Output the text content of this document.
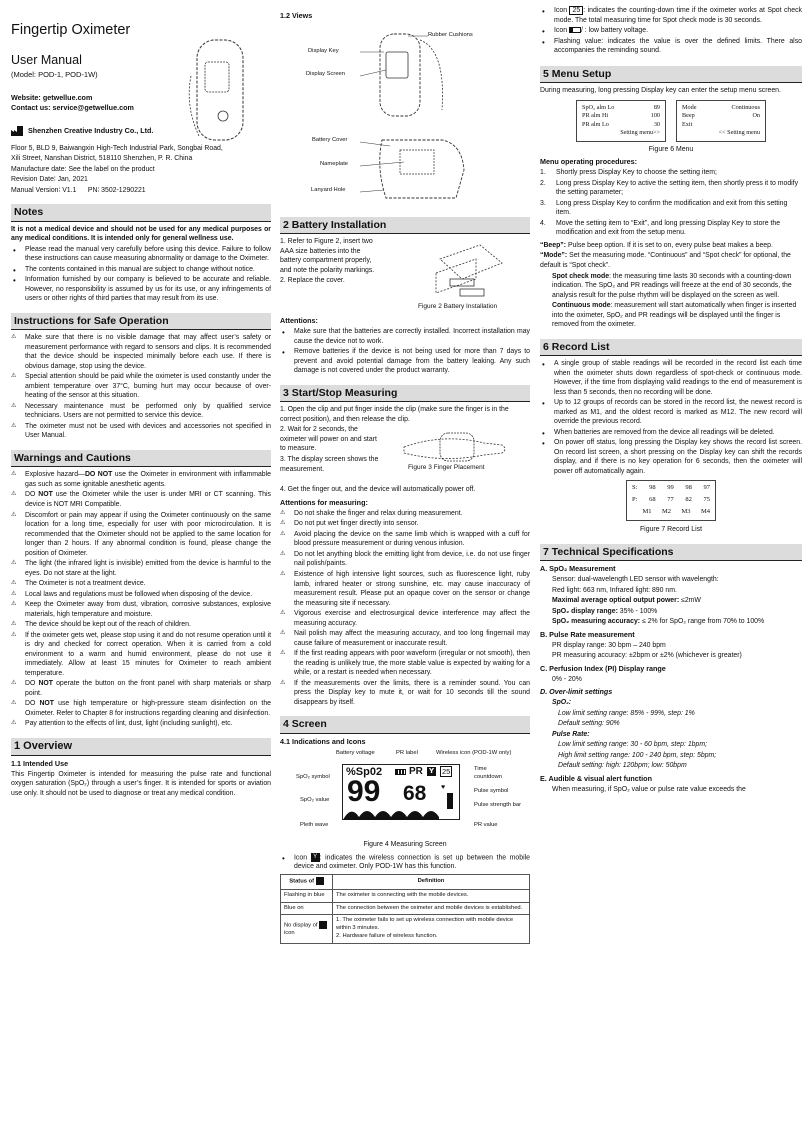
Fingertip Oximeter
User Manual
(Model: POD-1, POD-1W)
Website: getwellue.com
Contact us: service@getwellue.com
Shenzhen Creative Industry Co., Ltd.

Floor 5, BLD 9, Baiwangxin High-Tech Industrial Park, Songbai Road,

Xili Street, Nanshan District, 518110 Shenzhen, P. R. China

Manufacture date: See the label on the product

Revision Date∶ Jan, 2021

Manual Version∶ V1.1 PN∶ 3502-1290221

Notes

It is not a medical device and should not be used for any medical purposes or any medical conditions. It is intended only for general wellness use.

• Please read the manual very carefully before using this device. Failure to follow these instructions can cause measuring abnormality or damage to the Oximeter.
• The contents contained in this manual are subject to change without notice.
• Information furnished by our company is believed to be accurate and reliable. However, no responsibility is assumed by us for its use, or any infringements of users or other rights of third parties that may result from its use.
Instructions for Safe Operation
⚠ Make sure that there is no visible damage that may affect user’s safety or measurement performance with regard to sensors and clips. It is recommended that the device should be inspected minimally before each use. If there is obvious damage, stop using the device.
⚠ Special attention should be paid while the oximeter is used constantly under the ambient temperature over 37°C, burning hurt may occur because of over-heating of the sensor at this situation.
⚠ Necessary maintenance must be performed only by qualified service technicians. Users are not permitted to service this device.
⚠ The oximeter must not be used with devices and accessories not specified in User Manual.
Warnings and Cautions
⚠ Explosive hazard—DO NOT use the Oximeter in environment with inflammable gas such as some ignitable anesthetic agents.
⚠ DO NOT use the Oximeter while the user is under MRI or CT scanning. This device is NOT MRI Compatible.
⚠ Discomfort or pain may appear if using the Oximeter continuously on the same location for a long time, especially for user with poor microcirculation. It is recommended that the Oximeter should not be applied to the same location for longer than 2 hours. If any abnormal condition is found, please change the position of Oximeter.
⚠ The light (the infrared light is invisible) emitted from the device is harmful to the eyes. Do not stare at the light.
⚠ The Oximeter is not a treatment device.
⚠ Local laws and regulations must be followed when disposing of the device.
⚠ Keep the Oximeter away from dust, vibration, corrosive substances, explosive materials, high temperature and moisture.
⚠ The device should be kept out of the reach of children.
⚠ If the oximeter gets wet, please stop using it and do not resume operation until it is dry and checked for correct operation. When it is carried from a cold environment to a warm and humid environment, please do not use it immediately. Allow at least 15 minutes for Oximeter to reach ambient temperature.
⚠ DO NOT operate the button on the front panel with sharp materials or sharp point.
⚠ DO NOT use high temperature or high-pressure steam disinfection on the Oximeter. Refer to Chapter 8 for instructions regarding cleaning and disinfection.
⚠ Pay attention to the effects of lint, dust, light (including sunlight), etc.
1 Overview
1.1 Intended Use

This Fingertip Oximeter is intended for measuring the pulse rate and functional oxygen saturation (SpO₂) through a user’s finger. It is intended for sports or aviation use only. It should not be used to diagnose or treat any medical condition.

1.2 Views
Display Key
Rubber Cushions
Display Screen
Battery Cover
Nameplate
Lanyard Hole
2 Battery Installation

1. Refer to Figure 2, insert two AAA size batteries into the battery compartment properly, and note the polarity markings.

2. Replace the cover.

Figure 2 Battery Installation
Attentions:
• Make sure that the batteries are correctly installed. Incorrect installation may cause the device not to work.
• Remove batteries if the device is not being used for more than 7 days to prevent and avoid potential damage from the battery leaking. Any such damage is not covered under the product warranty.
3 Start/Stop Measuring

1. Open the clip and put finger inside the clip (make sure the finger is in the correct position), and then release the clip.

2. Wait for 2 seconds, the oximeter will power on and start to measure.

3. The display screen shows the measurement.	Figure 3 Finger Placement

4. Get the finger out, and the device will automatically power off.

Attentions for measuring:
⚠ Do not shake the finger and relax during measurement.
⚠ Do not put wet finger directly into sensor.
⚠ Avoid placing the device on the same limb which is wrapped with a cuff for blood pressure measurement or during venous infusion.
⚠ Do not let anything block the emitting light from device, i.e. do not use finger nail polish/paints.
⚠ Existence of high intensive light sources, such as fluorescence light, ruby lamb, infrared heater or strong sunshine, etc. may cause inaccuracy of measurement result. Please put an opaque cover on the sensor or change the measuring site if necessary.
⚠ Vigorous exercise and electrosurgical device interference may affect the measuring accuracy.
⚠ Nail polish may affect the measuring accuracy, and too long fingernail may cause failure of measurement or inaccurate result.
⚠ If the first reading appears with poor waveform (irregular or not smooth), then the reading is unlikely true, the more stable value is expected by waiting for a while, or a restart is needed when necessary.
⚠ If the measurements over the limits, there is a reminder sound. You can press the Display key to mute it, or wait for 10 seconds till the sound disappears by itself.
4 Screen
4.1 Indications and Icons
%Sp02	PR 𝗬 25
99 68 ♥
Battery voltage	PR label	Wireless icon (POD-1W only)
SpO₂ symbol
Time countdown
Pulse symbol
SpO₂ value
Pulse strength bar
Pleth wave	PR value
Figure 4 Measuring Screen
• Icon Y : indicates the wireless connection is set up between the mobile device and oximeter. Only POD-1W has this function.
Status of	Definition
Flashing in blue	The oximeter is connecting with the mobile devices.
Blue on	The connection between the oximeter and mobile devices is established.
No display of  icon	1. The oximeter fails to set up wireless connection with mobile device within 3 minutes.
2. Hardware failure of wireless function.
• Icon 25 : indicates the counting-down time if the oximeter works at Spot check mode. The total measuring time for Spot check mode is 30 seconds.
• Icon / : low battery voltage.
• Flashing value: indicates the value is over the defined limits. There also accompanies the reminding sound.
5 Menu Setup

During measuring, long pressing Display key can enter the setup menu screen.

SpO₂ alm Lo	89
PR alm Hi	100
PR alm Lo	30
Setting menu>>
Mode	Continuous
Beep	On
Exit
<< Setting menu
Figure 6 Menu
Menu operating procedures:
1. Shortly press Display Key to choose the setting item;
2. Long press Display Key to active the setting item, then shortly press it to modify the setting parameter;
3. Long press Display Key to confirm the modification and exit from this setting item.
4. Move the setting item to “Exit”, and long pressing Display Key to store the modification and exit from the setup menu.

“Beep”: Pulse beep option. If it is set to on, every pulse beat makes a beep.

“Mode”: Set the measuring mode. “Continuous” and “Spot check” for optional, the default is “Spot check”.

Spot check mode: the measuring time lasts 30 seconds with a counting-down indication. The SpO₂ and PR readings will freeze at the end of 30 seconds, the analysis result for the pulse rhythm will be displayed on the screen as well.

Continuous mode: measurement will start automatically when finger is inserted into the oximeter, SpO₂ and PR readings will be displayed until the finger is removed from the oximeter.

6 Record List
• A single group of stable readings will be recorded in the record list each time when the oximeter shuts down regardless of spot-check or continuous mode. However, if the time from displaying valid readings to the end of measurement is less than 5 seconds, then no recording will be done.
• Up to 12 groups of records can be stored in the record list, the newest record is marked as M1, and the oldest record is marked as M12. The new record will override the previous record.
• When batteries are removed from the device all readings will be deleted.
• On power off status, long pressing the Display key shows the record list screen. On record list screen, a short pressing on the Display key can shift the records display, and if there is no key operation for 6 seconds, then the oximeter will power off automatically again.
S: 98 99 98 97
P: 68 77 82 75
M1 M2 M3 M4
Figure 7 Record List
7 Technical Specifications
A. SpO₂ Measurement

Sensor: dual-wavelength LED sensor with wavelength:

Red light: 663 nm, Infrared light: 890 nm.

Maximal average optical output power: ≤2mW

SpO₂ display range: 35% - 100%

SpO₂ measuring accuracy: ≤ 2% for SpO₂ range from 70% to 100%

B. Pulse Rate measurement

PR display range: 30 bpm – 240 bpm

PR measuring accuracy: ±2bpm or ±2% (whichever is greater)

C. Perfusion Index (PI) Display range

0% - 20%

D. Over-limit settings

SpO₂:

Low limit setting range: 85% - 99%, step: 1%

Default setting: 90%

Pulse Rate:

Low limit setting range: 30 - 60 bpm, step: 1bpm;

High limit setting range: 100 - 240 bpm, step: 5bpm;

Default setting: high: 120bpm; low: 50bpm

E. Audible & visual alert function

When measuring, if SpO₂ value or pulse rate value exceeds the
